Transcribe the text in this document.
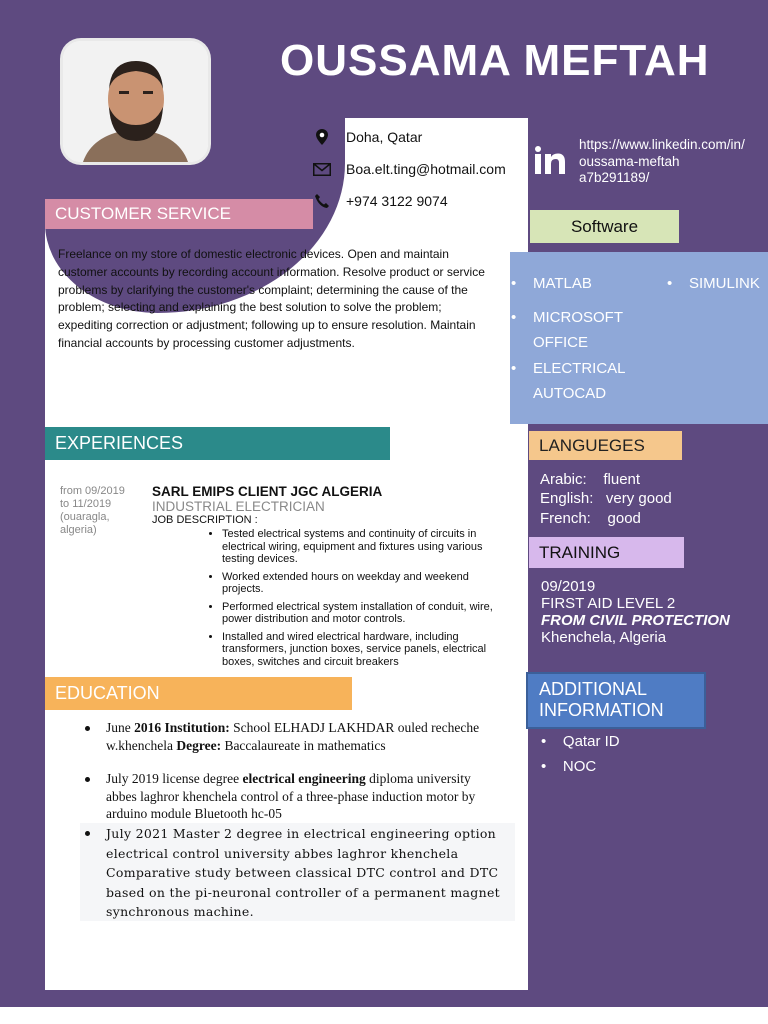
OUSSAMA MEFTAH
Doha, Qatar
Boa.elt.ting@hotmail.com
+974 3122 9074
https://www.linkedin.com/in/
oussama-meftah
a7b291189/
CUSTOMER SERVICE
Freelance on my store of domestic electronic devices. Open and maintain customer accounts by recording account information. Resolve product or service problems by clarifying the customer's complaint; determining the cause of the problem; selecting and explaining the best solution to solve the problem; expediting correction or adjustment; following up to ensure resolution. Maintain financial accounts by processing customer adjustments.
EXPERIENCES
from 09/2019
to 11/2019
(ouaragla,
algeria)
SARL EMIPS CLIENT JGC ALGERIA
INDUSTRIAL ELECTRICIAN
JOB DESCRIPTION :
• Tested electrical systems and continuity of circuits in electrical wiring, equipment and fixtures using various testing devices.
• Worked extended hours on weekday and weekend projects.
• Performed electrical system installation of conduit, wire, power distribution and motor controls.
• Installed and wired electrical hardware, including transformers, junction boxes, service panels, electrical boxes, switches and circuit breakers
EDUCATION
June 2016 Institution: School ELHADJ LAKHDAR ouled recheche w.khenchela Degree: Baccalaureate in mathematics
July 2019 license degree electrical engineering diploma university abbes laghror khenchela control of a three-phase induction motor by arduino module Bluetooth hc-05
July 2021 Master 2 degree in electrical engineering option electrical control university abbes laghror khenchela Comparative study between classical DTC control and DTC based on the pi-neuronal controller of a permanent magnet synchronous machine.
Software
• MATLAB
•	SIMULINK
• MICROSOFT OFFICE
• ELECTRICAL AUTOCAD
LANGUEGES
Arabic: fluent
English: very good
French: good
TRAINING
09/2019
FIRST AID LEVEL 2
FROM CIVIL PROTECTION
Khenchela, Algeria
ADDITIONAL
INFORMATION
•    Qatar ID
•    NOC
